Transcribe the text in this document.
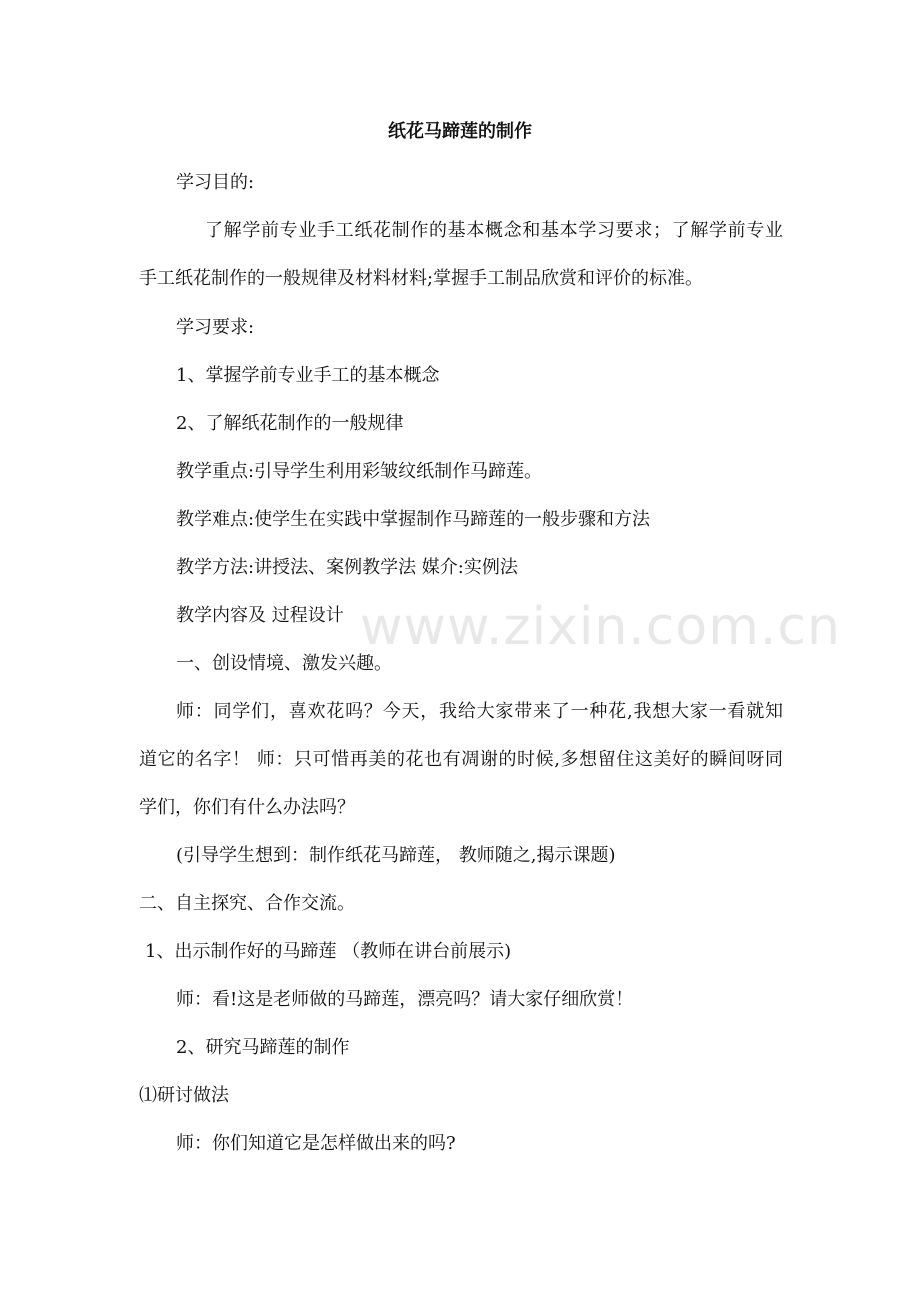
纸花马蹄莲的制作
学习目的:
了解学前专业手工纸花制作的基本概念和基本学习要求；了解学前专业
手工纸花制作的一般规律及材料材料;掌握手工制品欣赏和评价的标准。
学习要求:
1、掌握学前专业手工的基本概念
2、了解纸花制作的一般规律
教学重点:引导学生利用彩皱纹纸制作马蹄莲。
教学难点:使学生在实践中掌握制作马蹄莲的一般步骤和方法
教学方法:讲授法、案例教学法 媒介:实例法
教学内容及 过程设计
一、创设情境、激发兴趣。
师：同学们，喜欢花吗？今天，我给大家带来了一种花,我想大家一看就知
道它的名字！ 师：只可惜再美的花也有凋谢的时候,多想留住这美好的瞬间呀同
学们，你们有什么办法吗？
(引导学生想到：制作纸花马蹄莲， 教师随之,揭示课题)
二、自主探究、合作交流。
1、出示制作好的马蹄莲 （教师在讲台前展示)
师：看!这是老师做的马蹄莲，漂亮吗？请大家仔细欣赏！
2、研究马蹄莲的制作
⑴研讨做法
师：你们知道它是怎样做出来的吗?
www.zixin.com.cn
